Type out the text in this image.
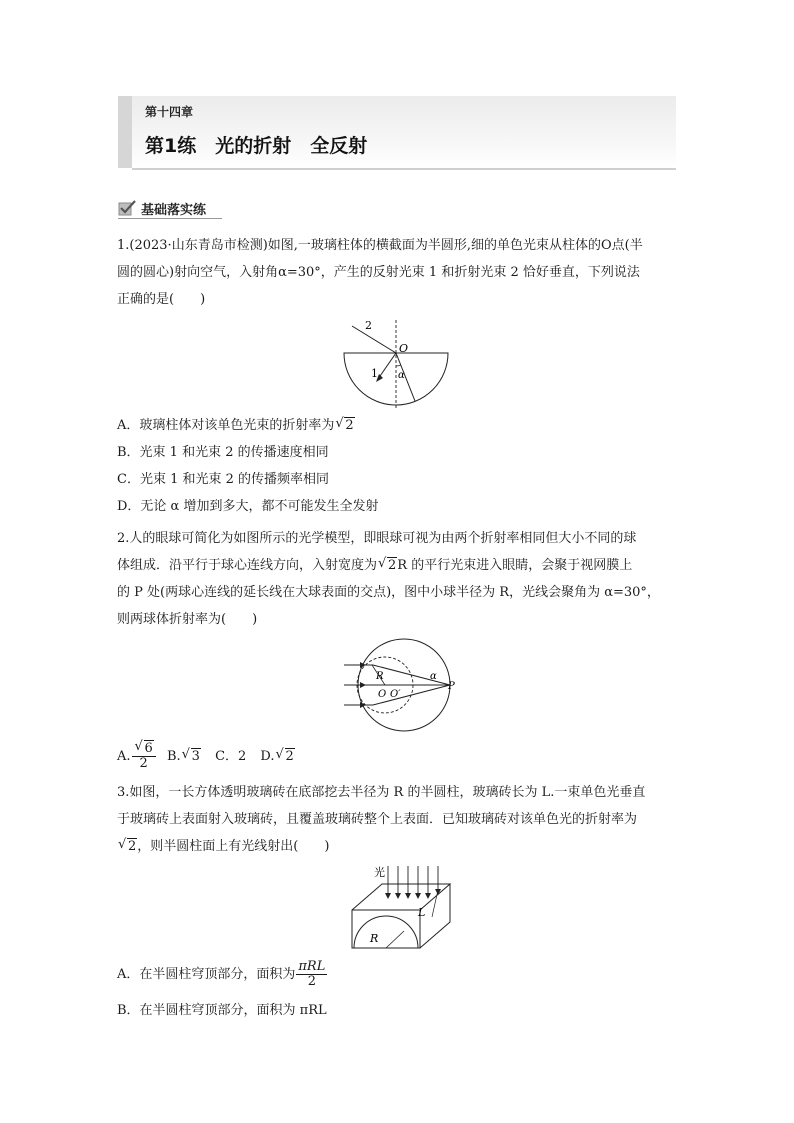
第十四章
第1练　光的折射　全反射
基础落实练
1.(2023·山东青岛市检测)如图,一玻璃柱体的横截面为半圆形,细的单色光束从柱体的O点(半
圆的圆心)射向空气，入射角α=30°，产生的反射光束 1 和折射光束 2 恰好垂直，下列说法
正确的是(　　)
2
1
O
α
A．玻璃柱体对该单色光束的折射率为√ 2
B．光束 1 和光束 2 的传播速度相同
C．光束 1 和光束 2 的传播频率相同
D．无论 α 增加到多大，都不可能发生全发射
2.人的眼球可简化为如图所示的光学模型，即眼球可视为由两个折射率相同但大小不同的球
体组成．沿平行于球心连线方向，入射宽度为√ 2R 的平行光束进入眼睛，会聚于视网膜上
的 P 处(两球心连线的延长线在大球表面的交点)，图中小球半径为 R，光线会聚角为 α=30°，
则两球体折射率为(　　)
R
O O′
α
P
A.
√ $\frac{6}{2} B.√$ 3 C．2 D.√ 2
3.如图，一长方体透明玻璃砖在底部挖去半径为 R 的半圆柱，玻璃砖长为 L.一束单色光垂直
于玻璃砖上表面射入玻璃砖，且覆盖玻璃砖整个上表面．已知玻璃砖对该单色光的折射率为
√ 2，则半圆柱面上有光线射出(　　)
光
L
R
A．在半圆柱穹顶部分，面积为 $\frac{\text{πRL}}{2}$
B．在半圆柱穹顶部分，面积为 πRL
